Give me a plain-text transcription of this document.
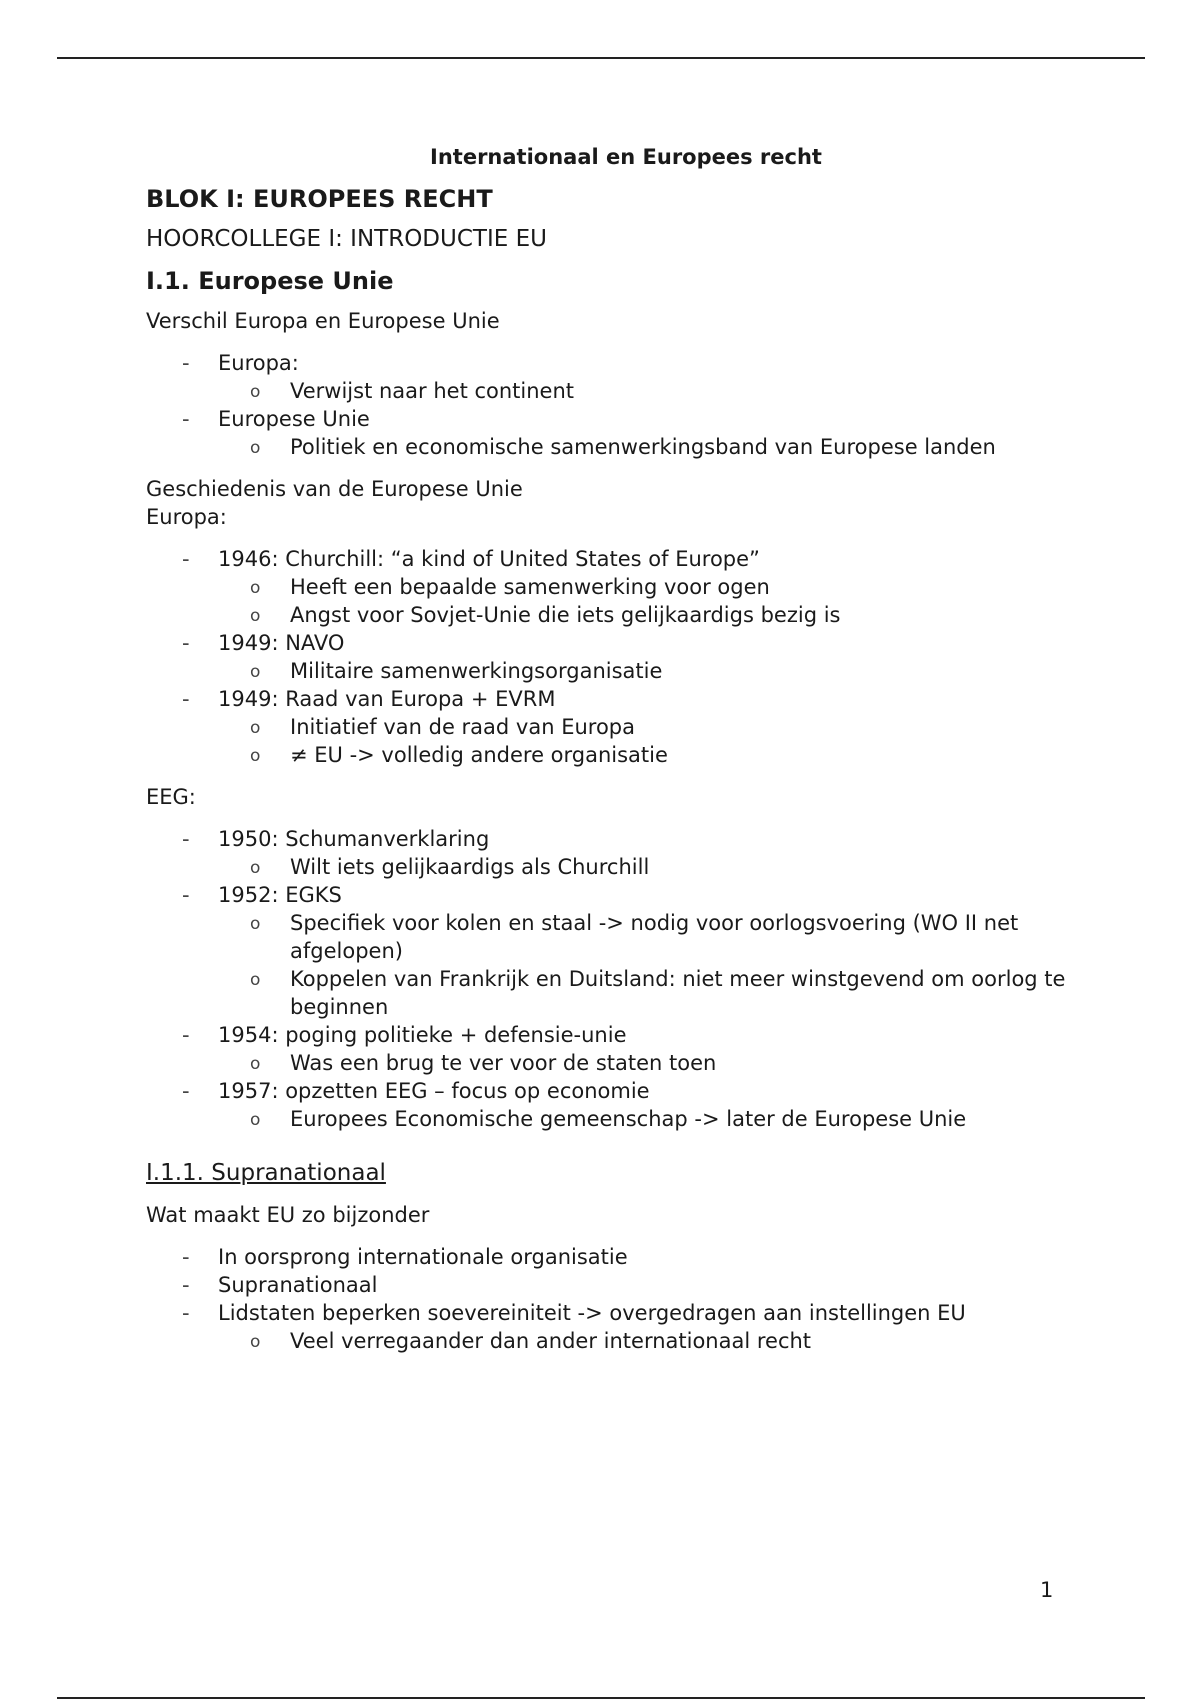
Internationaal en Europees recht
BLOK I: EUROPEES RECHT
HOORCOLLEGE I: INTRODUCTIE EU
I.1. Europese Unie
Verschil Europa en Europese Unie
- Europa:
o Verwijst naar het continent
- Europese Unie
o Politiek en economische samenwerkingsband van Europese landen
Geschiedenis van de Europese Unie
Europa:
- 1946: Churchill: “a kind of United States of Europe”
o Heeft een bepaalde samenwerking voor ogen
o Angst voor Sovjet-Unie die iets gelijkaardigs bezig is
- 1949: NAVO
o Militaire samenwerkingsorganisatie
- 1949: Raad van Europa + EVRM
o Initiatief van de raad van Europa
o ≠ EU -> volledig andere organisatie
EEG:
- 1950: Schumanverklaring
o Wilt iets gelijkaardigs als Churchill
- 1952: EGKS
o Specifiek voor kolen en staal -> nodig voor oorlogsvoering (WO II net afgelopen)
o Koppelen van Frankrijk en Duitsland: niet meer winstgevend om oorlog te beginnen
- 1954: poging politieke + defensie-unie
o Was een brug te ver voor de staten toen
- 1957: opzetten EEG – focus op economie
o Europees Economische gemeenschap -> later de Europese Unie
I.1.1. Supranationaal
Wat maakt EU zo bijzonder
- In oorsprong internationale organisatie
- Supranationaal
- Lidstaten beperken soevereiniteit -> overgedragen aan instellingen EU
o Veel verregaander dan ander internationaal recht
1
